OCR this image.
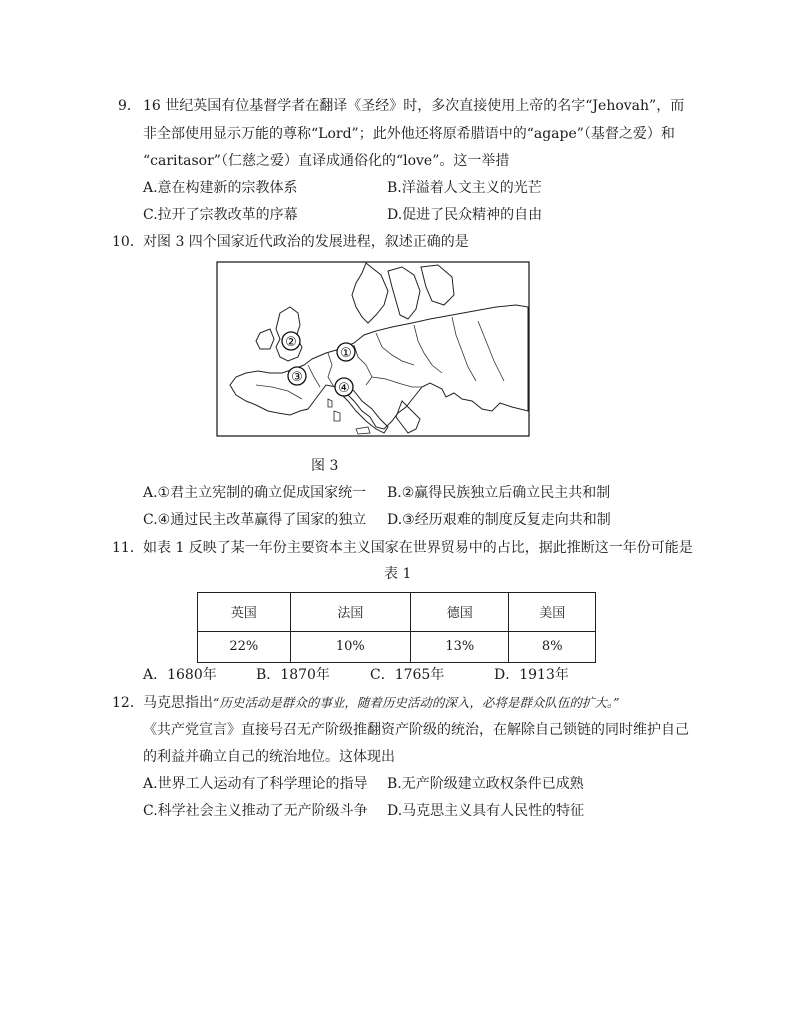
9． 16 世纪英国有位基督学者在翻译《圣经》时，多次直接使用上帝的名字“Jehovah”，而
非全部使用显示万能的尊称“Lord”；此外他还将原希腊语中的“agape”（基督之爱）和
“caritasor”（仁慈之爱）直译成通俗化的“love”。这一举措
A.意在构建新的宗教体系	B.洋溢着人文主义的光芒
C.拉开了宗教改革的序幕	D.促进了民众精神的自由
10． 对图 3 四个国家近代政治的发展进程，叙述正确的是
②
①
③
④
图 3
A.①君主立宪制的确立促成国家统一 B.②赢得民族独立后确立民主共和制
C.④通过民主改革赢得了国家的独立 D.③经历艰难的制度反复走向共和制
11． 如表 1 反映了某一年份主要资本主义国家在世界贸易中的占比，据此推断这一年份可能是
表 1
英国	法国	德国	美国
22%	10%	13%	8%
A．1680年	B．1870年	C．1765年	D．1913年
12． 马克思指出“历史活动是群众的事业，随着历史活动的深入，必将是群众队伍的扩大。”
《共产党宣言》直接号召无产阶级推翻资产阶级的统治，在解除自己锁链的同时维护自己
的利益并确立自己的统治地位。这体现出
A.世界工人运动有了科学理论的指导 B.无产阶级建立政权条件已成熟
C.科学社会主义推动了无产阶级斗争 D.马克思主义具有人民性的特征
